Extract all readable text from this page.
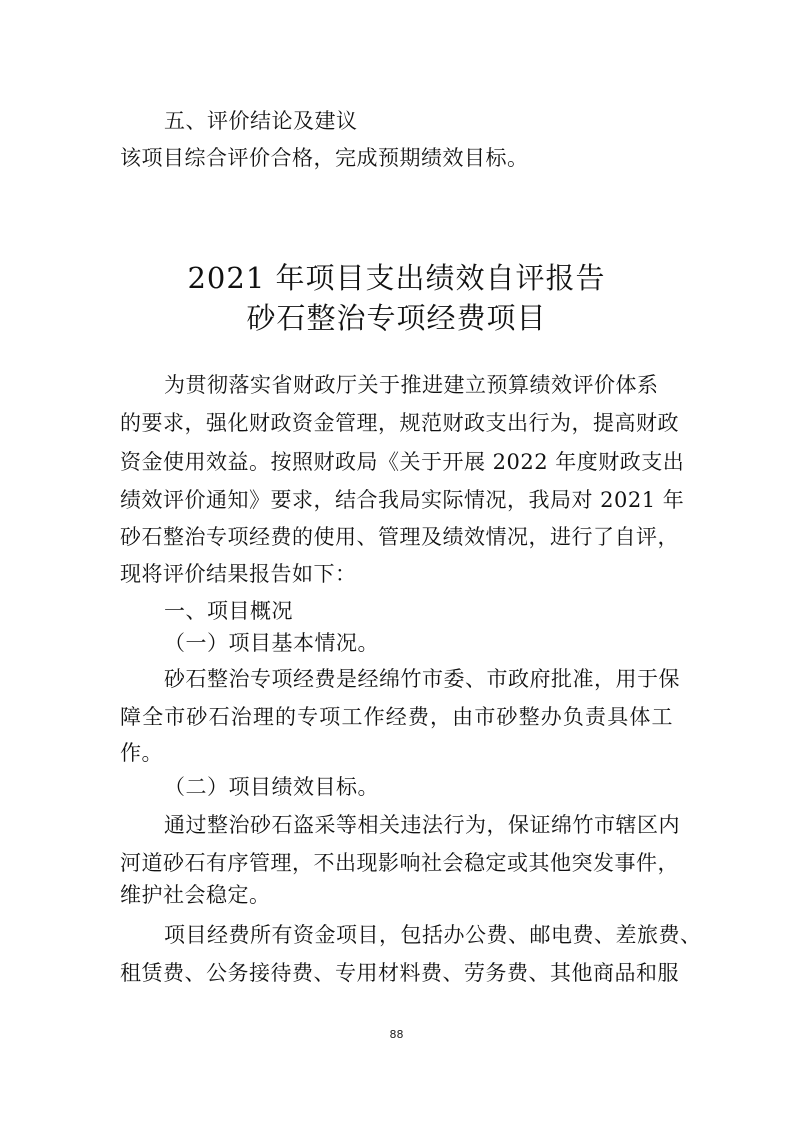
五、评价结论及建议
该项目综合评价合格，完成预期绩效目标。
2021 年项目支出绩效自评报告
砂石整治专项经费项目
为贯彻落实省财政厅关于推进建立预算绩效评价体系
的要求，强化财政资金管理，规范财政支出行为，提高财政
资金使用效益。按照财政局《关于开展 2022 年度财政支出
绩效评价通知》要求，结合我局实际情况，我局对 2021 年
砂石整治专项经费的使用、管理及绩效情况，进行了自评，
现将评价结果报告如下：
一、项目概况
（一）项目基本情况。
砂石整治专项经费是经绵竹市委、市政府批准，用于保
障全市砂石治理的专项工作经费，由市砂整办负责具体工
作。
（二）项目绩效目标。
通过整治砂石盗采等相关违法行为，保证绵竹市辖区内
河道砂石有序管理，不出现影响社会稳定或其他突发事件，
维护社会稳定。
项目经费所有资金项目，包括办公费、邮电费、差旅费、
租赁费、公务接待费、专用材料费、劳务费、其他商品和服
88
